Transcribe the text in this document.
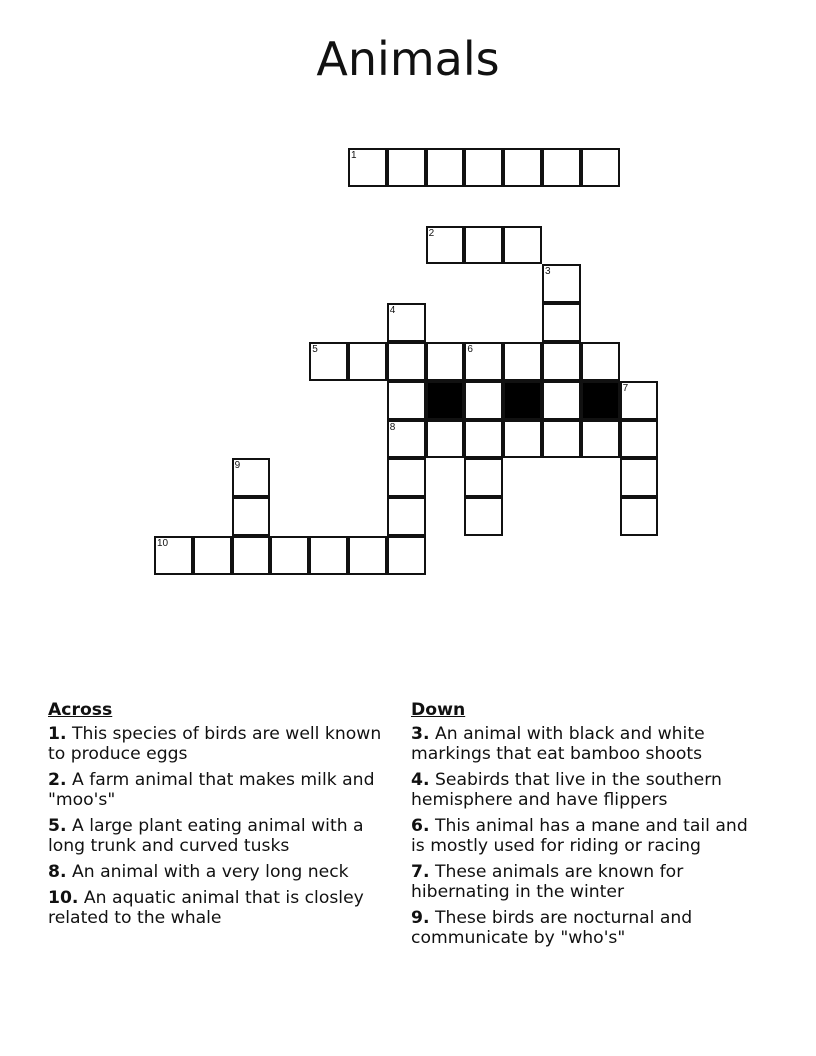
Animals
1
2
3
4
5	6
7
8
9
10
Across
1. This species of birds are well known to produce eggs
2. A farm animal that makes milk and "moo's"
5. A large plant eating animal with a long trunk and curved tusks
8. An animal with a very long neck
10. An aquatic animal that is closley related to the whale
Down
3. An animal with black and white markings that eat bamboo shoots
4. Seabirds that live in the southern hemisphere and have flippers
6. This animal has a mane and tail and is mostly used for riding or racing
7. These animals are known for hibernating in the winter
9. These birds are nocturnal and communicate by "who's"
